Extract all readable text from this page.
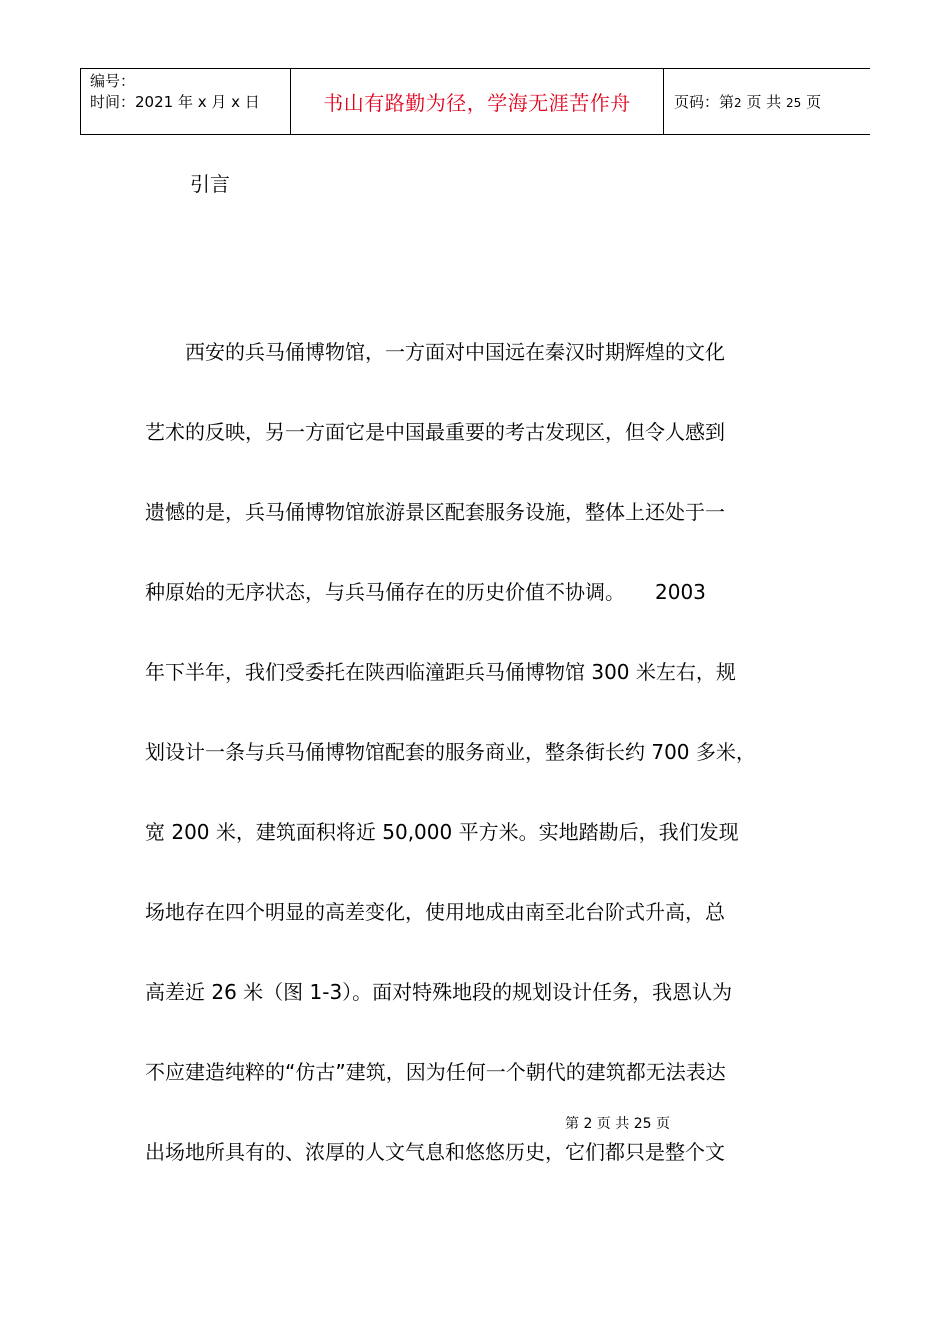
编号：
时间：2021 年 x 月 x 日	书山有路勤为径，学海无涯苦作舟	页码：第2 页 共 25 页
引言
　　西安的兵马俑博物馆，一方面对中国远在秦汉时期辉煌的文化
艺术的反映，另一方面它是中国最重要的考古发现区，但令人感到
遗憾的是，兵马俑博物馆旅游景区配套服务设施，整体上还处于一
种原始的无序状态，与兵马俑存在的历史价值不协调。　　2003
年下半年，我们受委托在陕西临潼距兵马俑博物馆 300 米左右，规
划设计一条与兵马俑博物馆配套的服务商业，整条街长约 700 多米，
宽 200 米，建筑面积将近 50,000 平方米。实地踏勘后，我们发现
场地存在四个明显的高差变化，使用地成由南至北台阶式升高，总
高差近 26 米（图 1-3）。面对特殊地段的规划设计任务，我恩认为
不应建造纯粹的“仿古”建筑，因为任何一个朝代的建筑都无法表达
出场地所具有的、浓厚的人文气息和悠悠历史，它们都只是整个文
第 2 页 共 25 页
